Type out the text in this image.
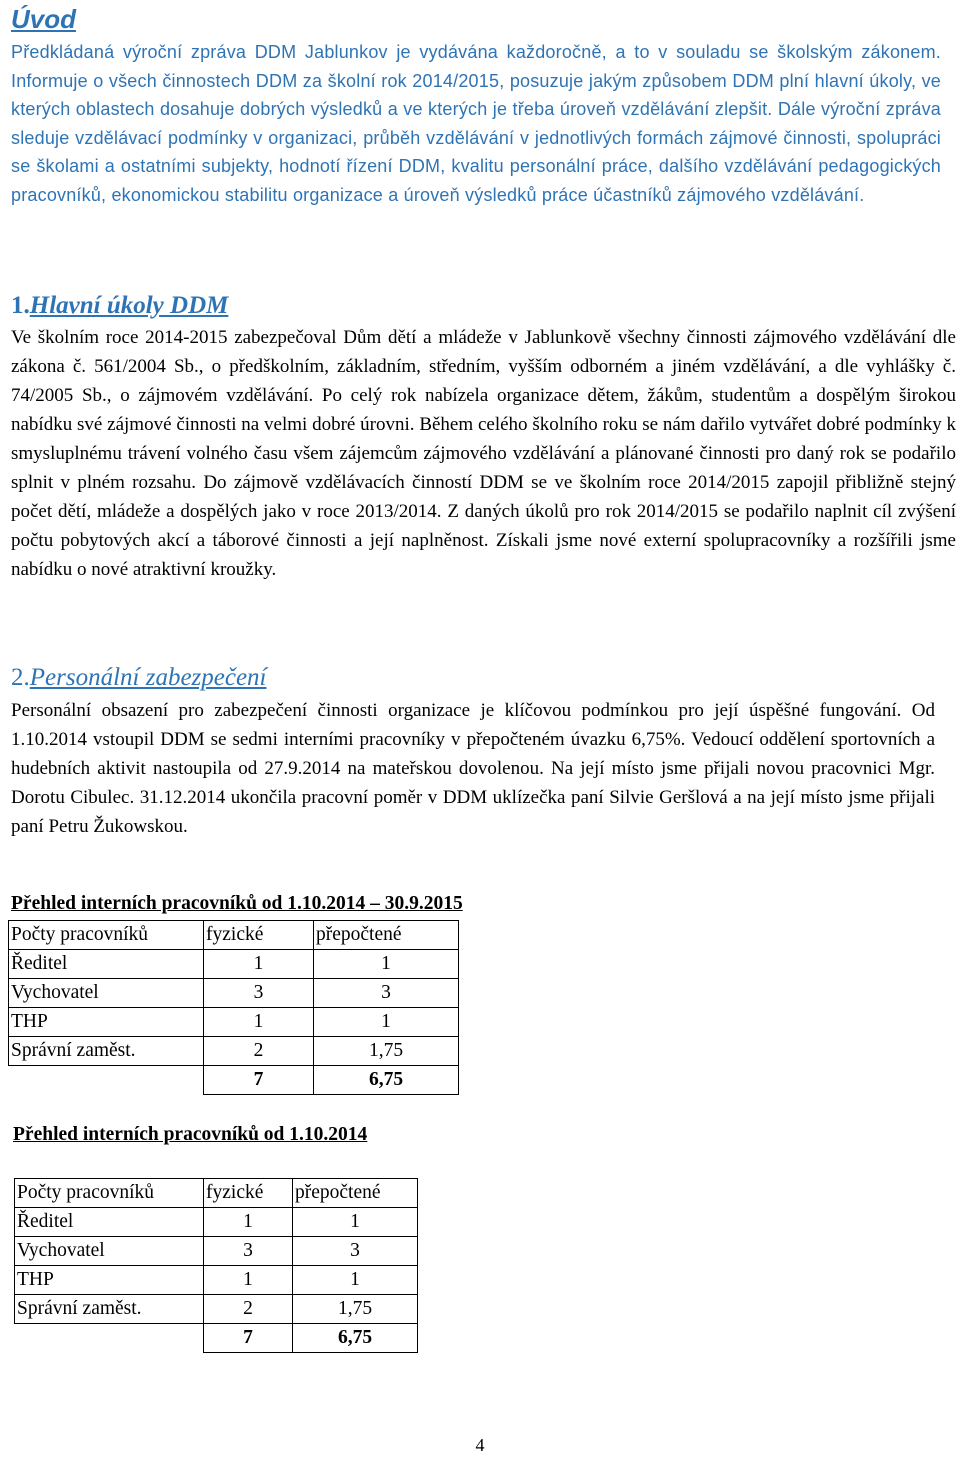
Úvod
Předkládaná výroční zpráva DDM Jablunkov je vydávána každoročně, a to v souladu se školským zákonem. Informuje o všech činnostech DDM za školní rok 2014/2015, posuzuje jakým způsobem DDM plní hlavní úkoly, ve kterých oblastech dosahuje dobrých výsledků a ve kterých je třeba úroveň vzdělávání zlepšit. Dále výroční zpráva sleduje vzdělávací podmínky v organizaci, průběh vzdělávání v jednotlivých formách zájmové činnosti, spolupráci se školami a ostatními subjekty, hodnotí řízení DDM, kvalitu personální práce, dalšího vzdělávání pedagogických pracovníků, ekonomickou stabilitu organizace a úroveň výsledků práce účastníků zájmového vzdělávání.
1.Hlavní úkoly DDM
Ve školním roce 2014-2015 zabezpečoval Dům dětí a mládeže v Jablunkově všechny činnosti zájmového vzdělávání dle zákona č. 561/2004 Sb., o předškolním, základním, středním, vyšším odborném a jiném vzdělávání, a dle vyhlášky č. 74/2005 Sb., o zájmovém vzdělávání. Po celý rok nabízela organizace dětem, žákům, studentům a dospělým širokou nabídku své zájmové činnosti na velmi dobré úrovni. Během celého školního roku se nám dařilo vytvářet dobré podmínky k smysluplnému trávení volného času všem zájemcům zájmového vzdělávání a plánované činnosti pro daný rok se podařilo splnit v plném rozsahu. Do zájmově vzdělávacích činností DDM se ve školním roce 2014/2015 zapojil přibližně stejný počet dětí, mládeže a dospělých jako v roce 2013/2014. Z daných úkolů pro rok 2014/2015 se podařilo naplnit cíl zvýšení počtu pobytových akcí a táborové činnosti a její naplněnost. Získali jsme nové externí spolupracovníky a rozšířili jsme nabídku o nové atraktivní kroužky.
2.Personální zabezpečení
Personální obsazení pro zabezpečení činnosti organizace je klíčovou podmínkou pro její úspěšné fungování. Od 1.10.2014 vstoupil DDM se sedmi interními pracovníky v přepočteném úvazku 6,75%. Vedoucí oddělení sportovních a hudebních aktivit nastoupila od 27.9.2014 na mateřskou dovolenou. Na její místo jsme přijali novou pracovnici Mgr. Dorotu Cibulec. 31.12.2014 ukončila pracovní poměr v DDM uklízečka paní Silvie Geršlová a na její místo jsme přijali paní Petru Žukowskou.
Přehled interních pracovníků od 1.10.2014 – 30.9.2015
Počty pracovníků	fyzické	přepočtené
Ředitel	1	1
Vychovatel	3	3
THP	1	1
Správní zaměst.	2	1,75
	7	6,75
Přehled interních pracovníků od 1.10.2014
Počty pracovníků	fyzické	přepočtené
Ředitel	1	1
Vychovatel	3	3
THP	1	1
Správní zaměst.	2	1,75
	7	6,75
4
